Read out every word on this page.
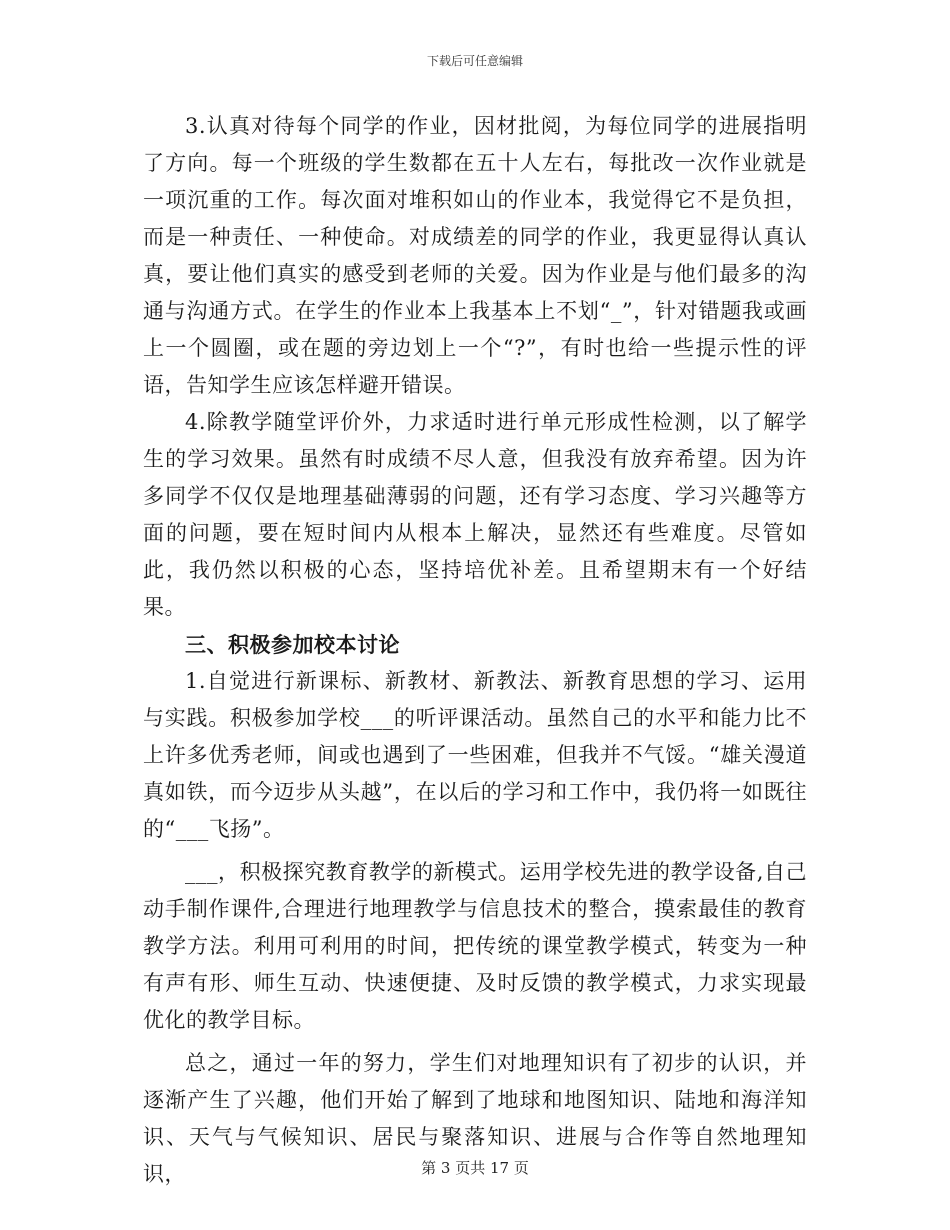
下载后可任意编辑

3.认真对待每个同学的作业，因材批阅，为每位同学的进展指明了方向。每一个班级的学生数都在五十人左右，每批改一次作业就是一项沉重的工作。每次面对堆积如山的作业本，我觉得它不是负担，而是一种责任、一种使命。对成绩差的同学的作业，我更显得认真认真，要让他们真实的感受到老师的关爱。因为作业是与他们最多的沟通与沟通方式。在学生的作业本上我基本上不划“_”，针对错题我或画上一个圆圈，或在题的旁边划上一个“?”，有时也给一些提示性的评语，告知学生应该怎样避开错误。

4.除教学随堂评价外，力求适时进行单元形成性检测，以了解学生的学习效果。虽然有时成绩不尽人意，但我没有放弃希望。因为许多同学不仅仅是地理基础薄弱的问题，还有学习态度、学习兴趣等方面的问题，要在短时间内从根本上解决，显然还有些难度。尽管如此，我仍然以积极的心态，坚持培优补差。且希望期末有一个好结果。

三、积极参加校本讨论

1.自觉进行新课标、新教材、新教法、新教育思想的学习、运用与实践。积极参加学校___的听评课活动。虽然自己的水平和能力比不上许多优秀老师，间或也遇到了一些困难，但我并不气馁。“雄关漫道真如铁，而今迈步从头越”，在以后的学习和工作中，我仍将一如既往的“___飞扬”。

___，积极探究教育教学的新模式。运用学校先进的教学设备,自己动手制作课件,合理进行地理教学与信息技术的整合，摸索最佳的教育教学方法。利用可利用的时间，把传统的课堂教学模式，转变为一种有声有形、师生互动、快速便捷、及时反馈的教学模式，力求实现最优化的教学目标。

总之，通过一年的努力，学生们对地理知识有了初步的认识，并逐渐产生了兴趣，他们开始了解到了地球和地图知识、陆地和海洋知识、天气与气候知识、居民与聚落知识、进展与合作等自然地理知识，	第 3 页共 17 页
